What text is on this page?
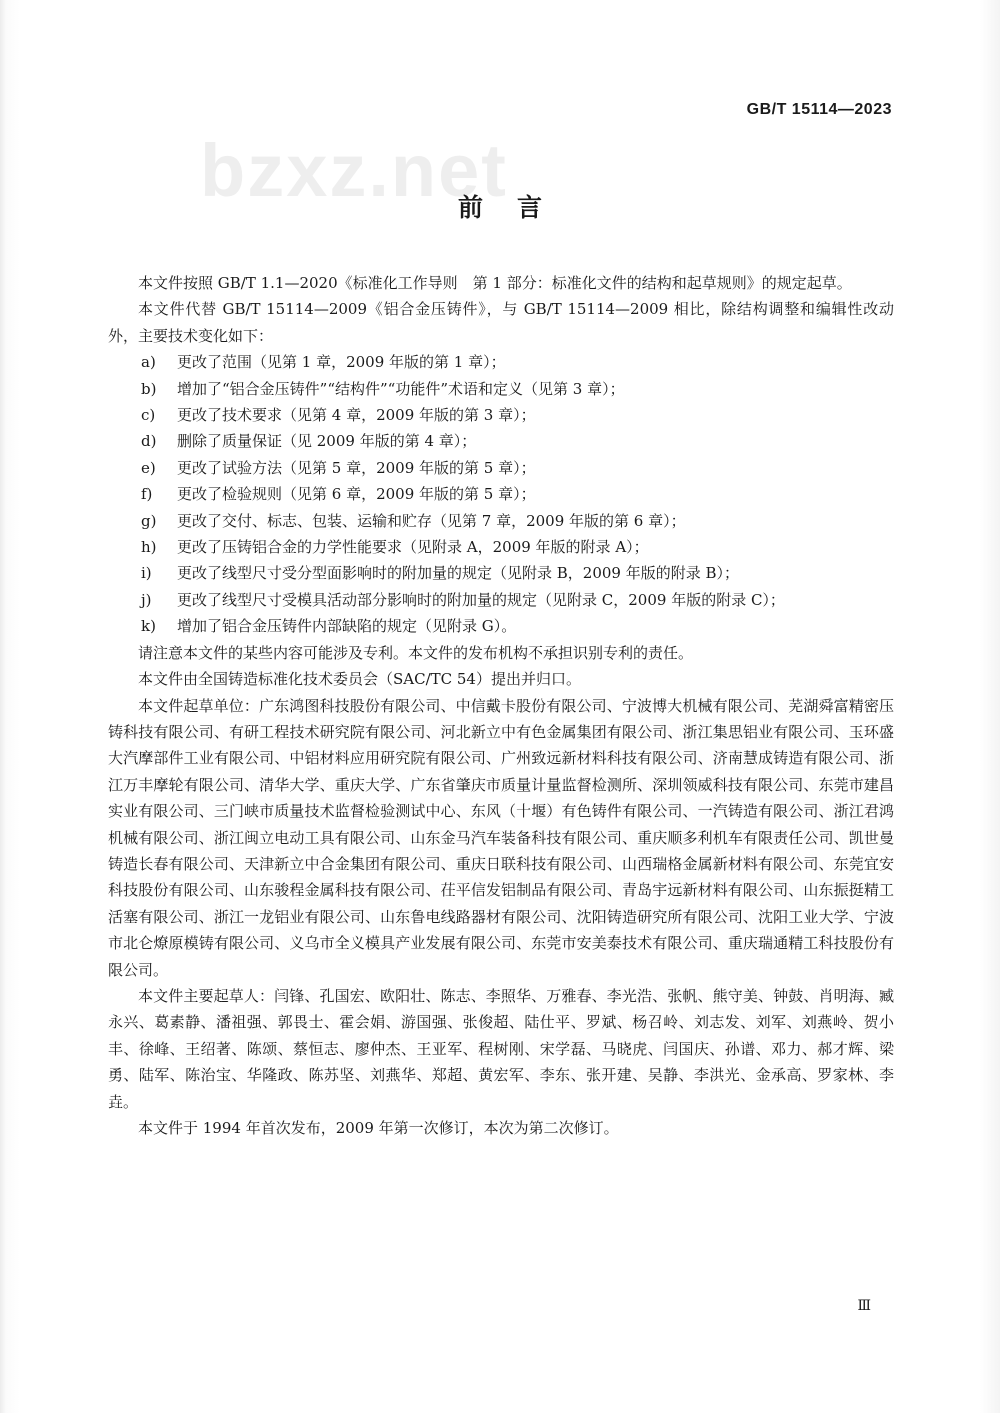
GB/T 15114—2023
bzxz.net
前言

本文件按照 GB/T 1.1—2020《标准化工作导则　第 1 部分：标准化文件的结构和起草规则》的规定起草。

本文件代替 GB/T 15114—2009《铝合金压铸件》，与 GB/T 15114—2009 相比，除结构调整和编辑性改动外，主要技术变化如下：

a) 更改了范围（见第 1 章，2009 年版的第 1 章）；
b) 增加了“铝合金压铸件”“结构件”“功能件”术语和定义（见第 3 章）；
c) 更改了技术要求（见第 4 章，2009 年版的第 3 章）；
d) 删除了质量保证（见 2009 年版的第 4 章）；
e) 更改了试验方法（见第 5 章，2009 年版的第 5 章）；
f) 更改了检验规则（见第 6 章，2009 年版的第 5 章）；
g) 更改了交付、标志、包装、运输和贮存（见第 7 章，2009 年版的第 6 章）；
h) 更改了压铸铝合金的力学性能要求（见附录 A，2009 年版的附录 A）；
i) 更改了线型尺寸受分型面影响时的附加量的规定（见附录 B，2009 年版的附录 B）；
j) 更改了线型尺寸受模具活动部分影响时的附加量的规定（见附录 C，2009 年版的附录 C）；
k) 增加了铝合金压铸件内部缺陷的规定（见附录 G）。

请注意本文件的某些内容可能涉及专利。本文件的发布机构不承担识别专利的责任。

本文件由全国铸造标准化技术委员会（SAC/TC 54）提出并归口。

本文件起草单位：广东鸿图科技股份有限公司、中信戴卡股份有限公司、宁波博大机械有限公司、芜湖舜富精密压铸科技有限公司、有研工程技术研究院有限公司、河北新立中有色金属集团有限公司、浙江集思铝业有限公司、玉环盛大汽摩部件工业有限公司、中铝材料应用研究院有限公司、广州致远新材料科技有限公司、济南慧成铸造有限公司、浙江万丰摩轮有限公司、清华大学、重庆大学、广东省肇庆市质量计量监督检测所、深圳领威科技有限公司、东莞市建昌实业有限公司、三门峡市质量技术监督检验测试中心、东风（十堰）有色铸件有限公司、一汽铸造有限公司、浙江君鸿机械有限公司、浙江闽立电动工具有限公司、山东金马汽车装备科技有限公司、重庆顺多利机车有限责任公司、凯世曼铸造长春有限公司、天津新立中合金集团有限公司、重庆日联科技有限公司、山西瑞格金属新材料有限公司、东莞宜安科技股份有限公司、山东骏程金属科技有限公司、茌平信发铝制品有限公司、青岛宇远新材料有限公司、山东振挺精工活塞有限公司、浙江一龙铝业有限公司、山东鲁电线路器材有限公司、沈阳铸造研究所有限公司、沈阳工业大学、宁波市北仑燎原模铸有限公司、义乌市全义模具产业发展有限公司、东莞市安美泰技术有限公司、重庆瑞通精工科技股份有限公司。

本文件主要起草人：闫锋、孔国宏、欧阳壮、陈志、李照华、万雅春、李光浩、张帆、熊守美、钟鼓、肖明海、臧永兴、葛素静、潘祖强、郭畏士、霍会娟、游国强、张俊超、陆仕平、罗斌、杨召岭、刘志发、刘军、刘燕岭、贺小丰、徐峰、王绍著、陈颂、蔡恒志、廖仲杰、王亚军、程树刚、宋学磊、马晓虎、闫国庆、孙谱、邓力、郝才辉、梁勇、陆军、陈治宝、华隆政、陈苏坚、刘燕华、郑超、黄宏军、李东、张开建、吴静、李洪光、金承高、罗家林、李垚。

本文件于 1994 年首次发布，2009 年第一次修订，本次为第二次修订。

Ⅲ
